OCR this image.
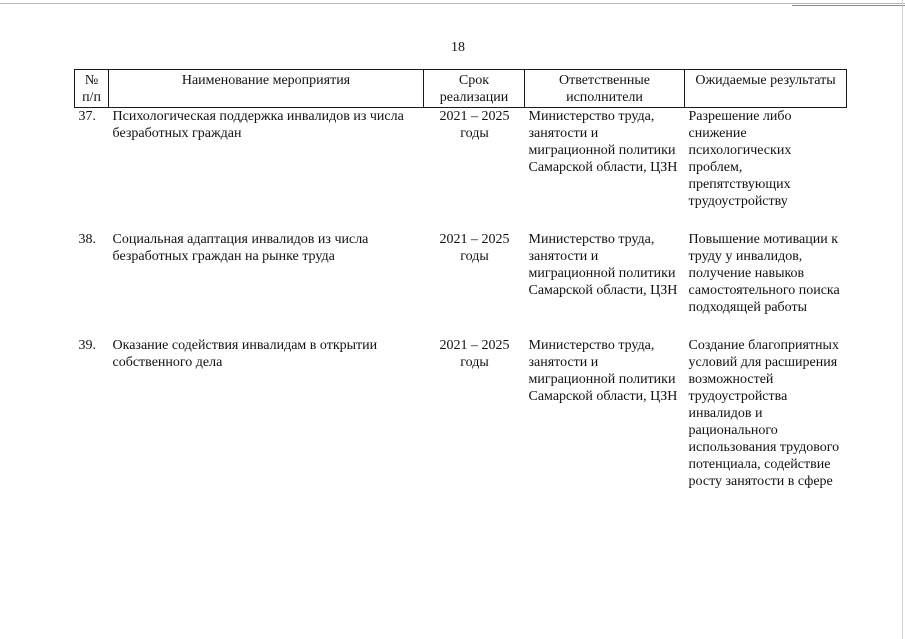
18
№ п/п	Наименование мероприятия	Срок реализации	Ответственные исполнители	Ожидаемые результаты
37.	Психологическая поддержка инвалидов из числа безработных граждан	2021 – 2025 годы	Министерство труда, занятости и миграционной политики Самарской области, ЦЗН	Разрешение либо снижение психологических проблем, препятствующих трудоустройству

38.	Социальная адаптация инвалидов из числа безработных граждан на рынке труда	2021 – 2025 годы	Министерство труда, занятости и миграционной политики Самарской области, ЦЗН	Повышение мотивации к труду у инвалидов, получение навыков самостоятельного поиска подходящей работы

39.	Оказание содействия инвалидам в открытии собственного дела	2021 – 2025 годы	Министерство труда, занятости и миграционной политики Самарской области, ЦЗН	Создание благоприятных условий для расширения возможностей трудоустройства инвалидов и рационального использования трудового потенциала, содействие росту занятости в сфере
